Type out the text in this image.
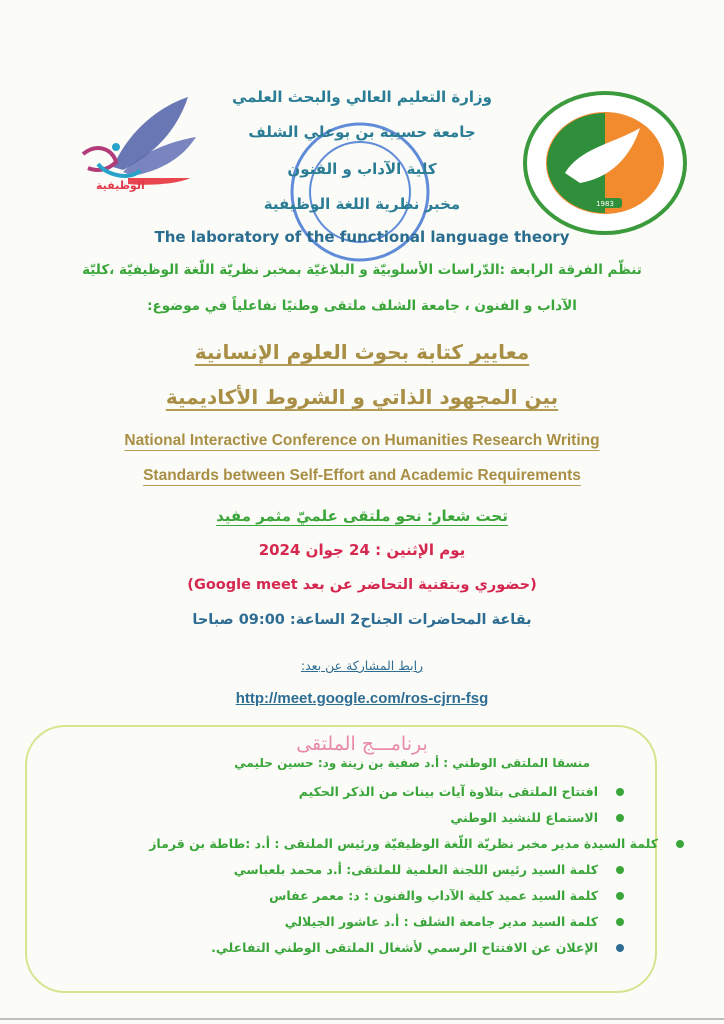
الوظيفية
1983
وزارة التعليم العالي والبحث العلمي
جامعة حسيبة بن بوعلي الشلف
كلية الآداب و الفنون
مخبر نظرية اللغة الوظيفية
The laboratory of the functional language theory
تنظّم الفرقة الرابعة :الدّراسات الأسلوبيّة و البلاغيّة بمخبر نظريّة اللّغة الوظيفيّة ،كليّة
الآداب و الفنون ، جامعة الشلف ملتقى وطنيًا نفاعلياً في موضوع:
معايير كتابة بحوث العلوم الإنسانية
بين المجهود الذاتي و الشروط الأكاديمية
National Interactive Conference on Humanities Research Writing
Standards between Self-Effort and Academic Requirements
تحت شعار: نحو ملتقى علميّ مثمر مفيد
يوم الإثنين : 24 جوان 2024
(حضوري وبتقنية التحاضر عن بعد Google meet)
بقاعة المحاضرات الجناح2 الساعة: 09:00 صباحا
رابط المشاركة عن بعد:
http://meet.google.com/ros-cjrn-fsg
برنامـــج الملتقى
منسقا الملتقى الوطني : أ.د صفية بن زينة ود: حسين حليمي
افتتاح الملتقى بتلاوة آيات بينات من الذكر الحكيم
الاستماع للنشيد الوطني
كلمة السيدة مدير مخبر نظريّة اللّغة الوظيفيّة ورئيس الملتقى : أ.د :طاطة بن قرماز
كلمة السيد رئيس اللجنة العلمية للملتقى: أ.د محمد بلعباسي
كلمة السيد عميد كلية الآداب والفنون : د: معمر عفاس
كلمة السيد مدير جامعة الشلف : أ.د عاشور الجيلالي
الإعلان عن الافتتاح الرسمي لأشغال الملتقى الوطني التفاعلي.
